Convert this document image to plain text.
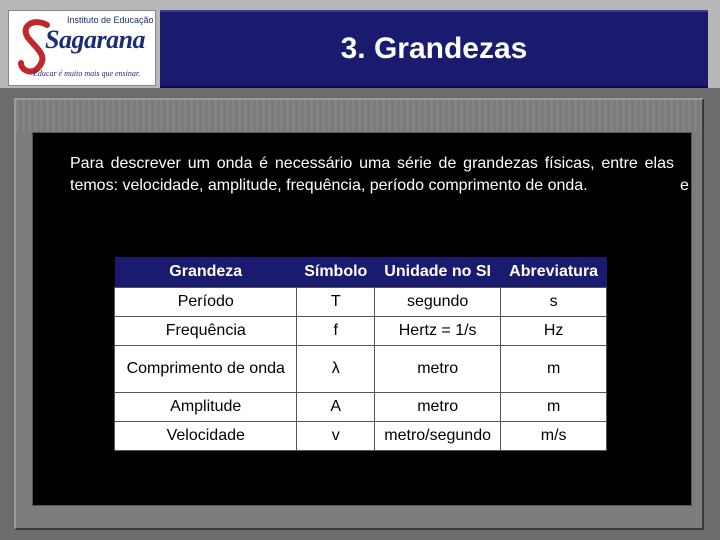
Instituto de Educação
Sagarana
Educar é muito mais que ensinar.
3. Grandezas
Para descrever um onda é necessário uma série de grandezas físicas, entre elas temos: velocidade, amplitude, frequência, período comprimento de onda.	e
Grandeza	Símbolo	Unidade no SI	Abreviatura
Período	T	segundo	s
Frequência	f	Hertz = 1/s	Hz
Comprimento de onda	λ	metro	m
Amplitude	A	metro	m
Velocidade	v	metro/segundo	m/s
